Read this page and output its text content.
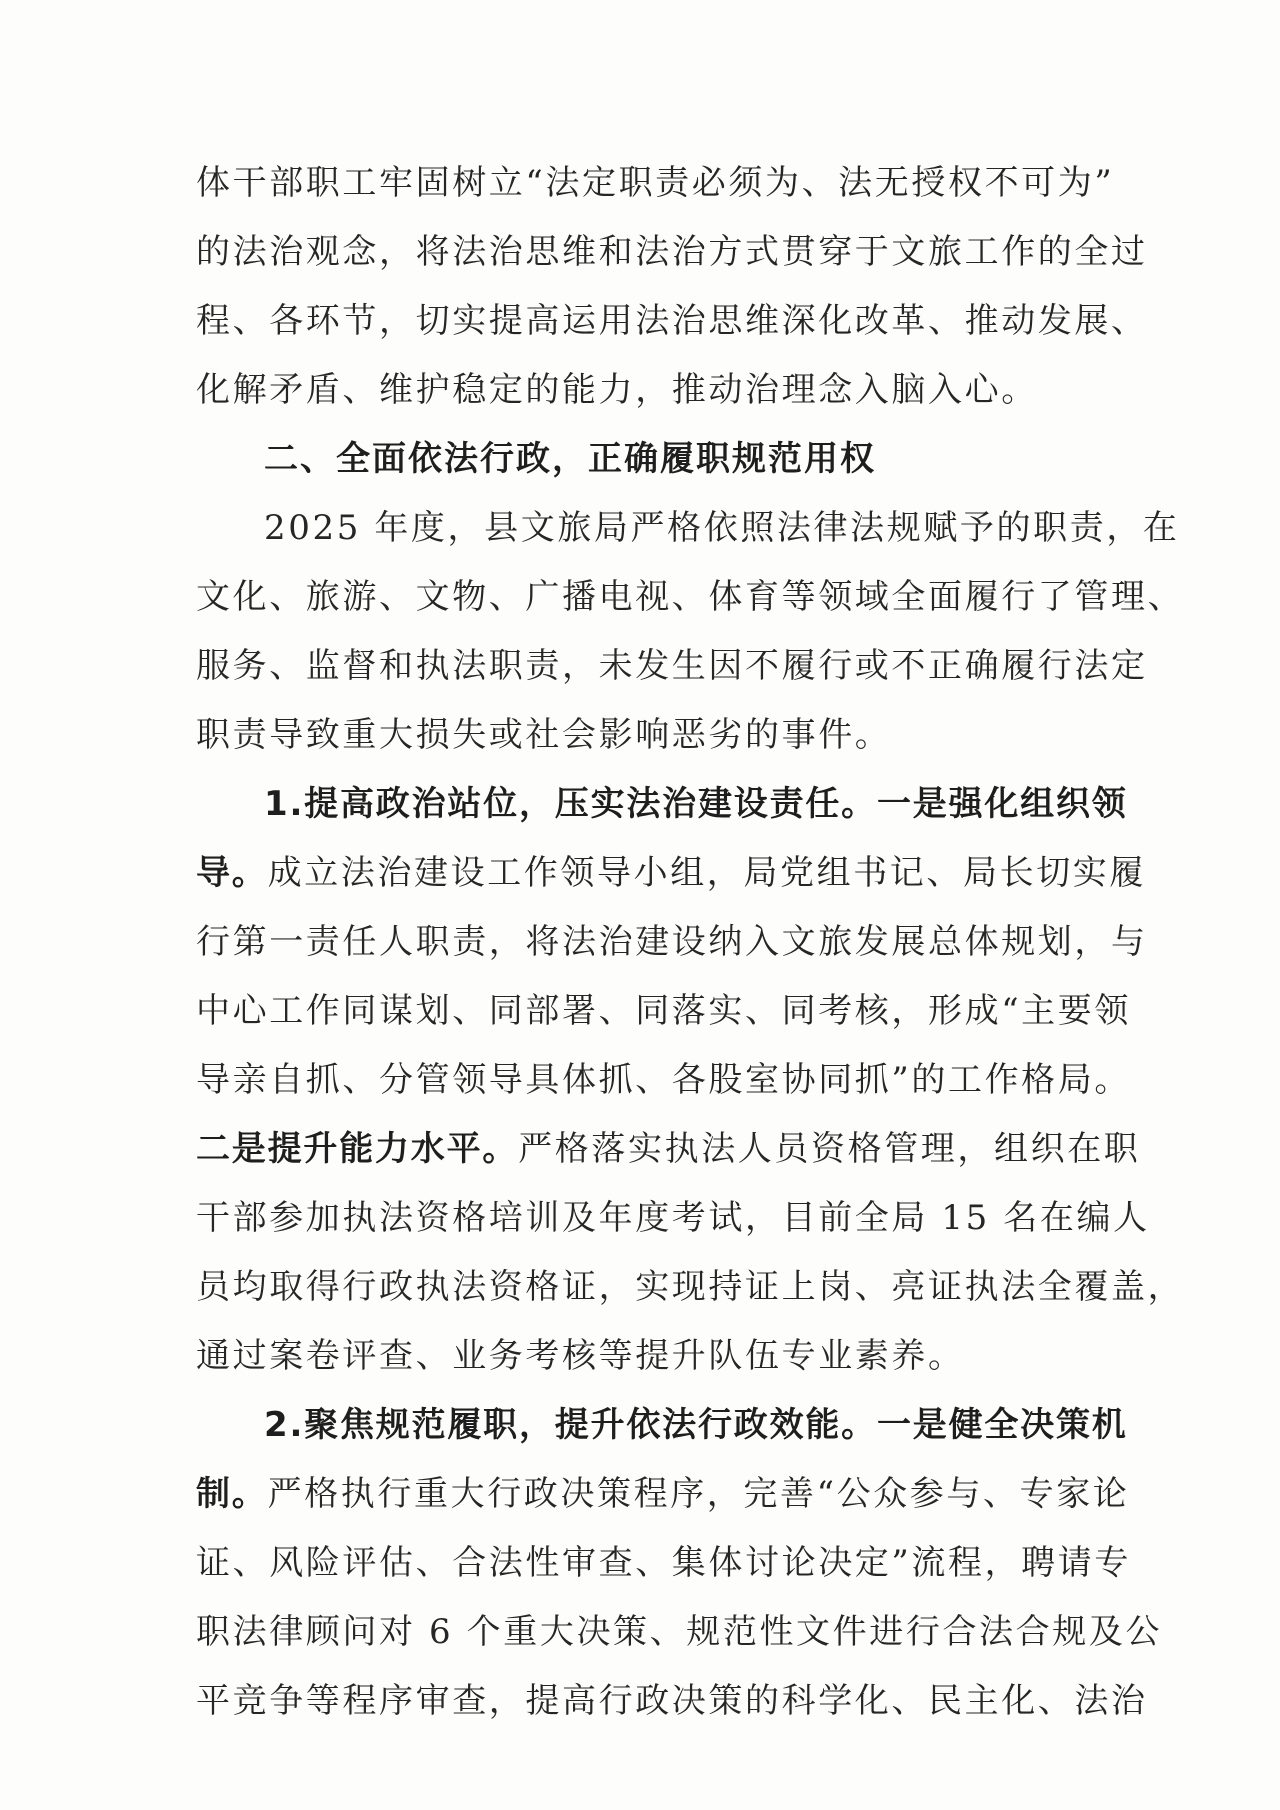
体干部职工牢固树立“法定职责必须为、法无授权不可为”

的法治观念，将法治思维和法治方式贯穿于文旅工作的全过

程、各环节，切实提高运用法治思维深化改革、推动发展、

化解矛盾、维护稳定的能力，推动治理念入脑入心。

二、全面依法行政，正确履职规范用权

2025 年度，县文旅局严格依照法律法规赋予的职责，在

文化、旅游、文物、广播电视、体育等领域全面履行了管理、

服务、监督和执法职责，未发生因不履行或不正确履行法定

职责导致重大损失或社会影响恶劣的事件。

1.提高政治站位，压实法治建设责任。一是强化组织领

导。成立法治建设工作领导小组，局党组书记、局长切实履

行第一责任人职责，将法治建设纳入文旅发展总体规划，与

中心工作同谋划、同部署、同落实、同考核，形成“主要领

导亲自抓、分管领导具体抓、各股室协同抓”的工作格局。

二是提升能力水平。严格落实执法人员资格管理，组织在职

干部参加执法资格培训及年度考试，目前全局 15 名在编人

员均取得行政执法资格证，实现持证上岗、亮证执法全覆盖，

通过案卷评查、业务考核等提升队伍专业素养。

2.聚焦规范履职，提升依法行政效能。一是健全决策机

制。严格执行重大行政决策程序，完善“公众参与、专家论

证、风险评估、合法性审查、集体讨论决定”流程，聘请专

职法律顾问对 6 个重大决策、规范性文件进行合法合规及公

平竞争等程序审查，提高行政决策的科学化、民主化、法治
